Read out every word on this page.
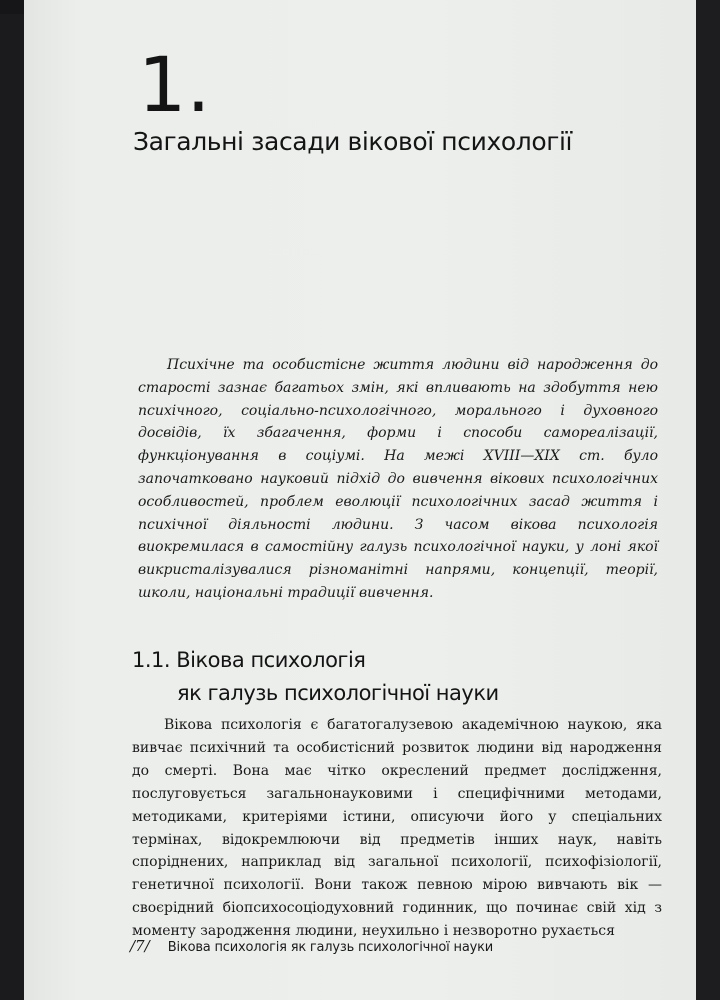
1.
Загальні засади вікової психології

Психічне та особистісне життя людини від народження до старості зазнає багатьох змін, які впливають на здобуття нею психічного, соціально-психологічного, морального і духовного досвідів, їх збагачення, форми і способи самореалізації, функціонування в соціумі. На межі XVIII—XIX ст. було започатковано науковий підхід до вивчення вікових психологічних особливостей, проблем еволюції психологічних засад життя і психічної діяльності людини. З часом вікова психологія виокремилася в самостійну галузь психологічної науки, у лоні якої викристалізувалися різноманітні напрями, концепції, теорії, школи, національні традиції вивчення.

1.1. Вікова психологія
як галузь психологічної науки

Вікова психологія є багатогалузевою академічною наукою, яка вивчає психічний та особистісний розвиток людини від народження до смерті. Вона має чітко окреслений предмет дослідження, послуговується загальнонауковими і специфічними методами, методиками, критеріями істини, описуючи його у спеціальних термінах, відокремлюючи від предметів інших наук, навіть споріднених, наприклад від загальної психології, психофізіології, генетичної психології. Вони також певною мірою вивчають вік — своєрідний біопсихосоціодуховний годинник, що починає свій хід з моменту зародження людини, неухильно і незворотно рухається

/7/ Вікова психологія як галузь психологічної науки
